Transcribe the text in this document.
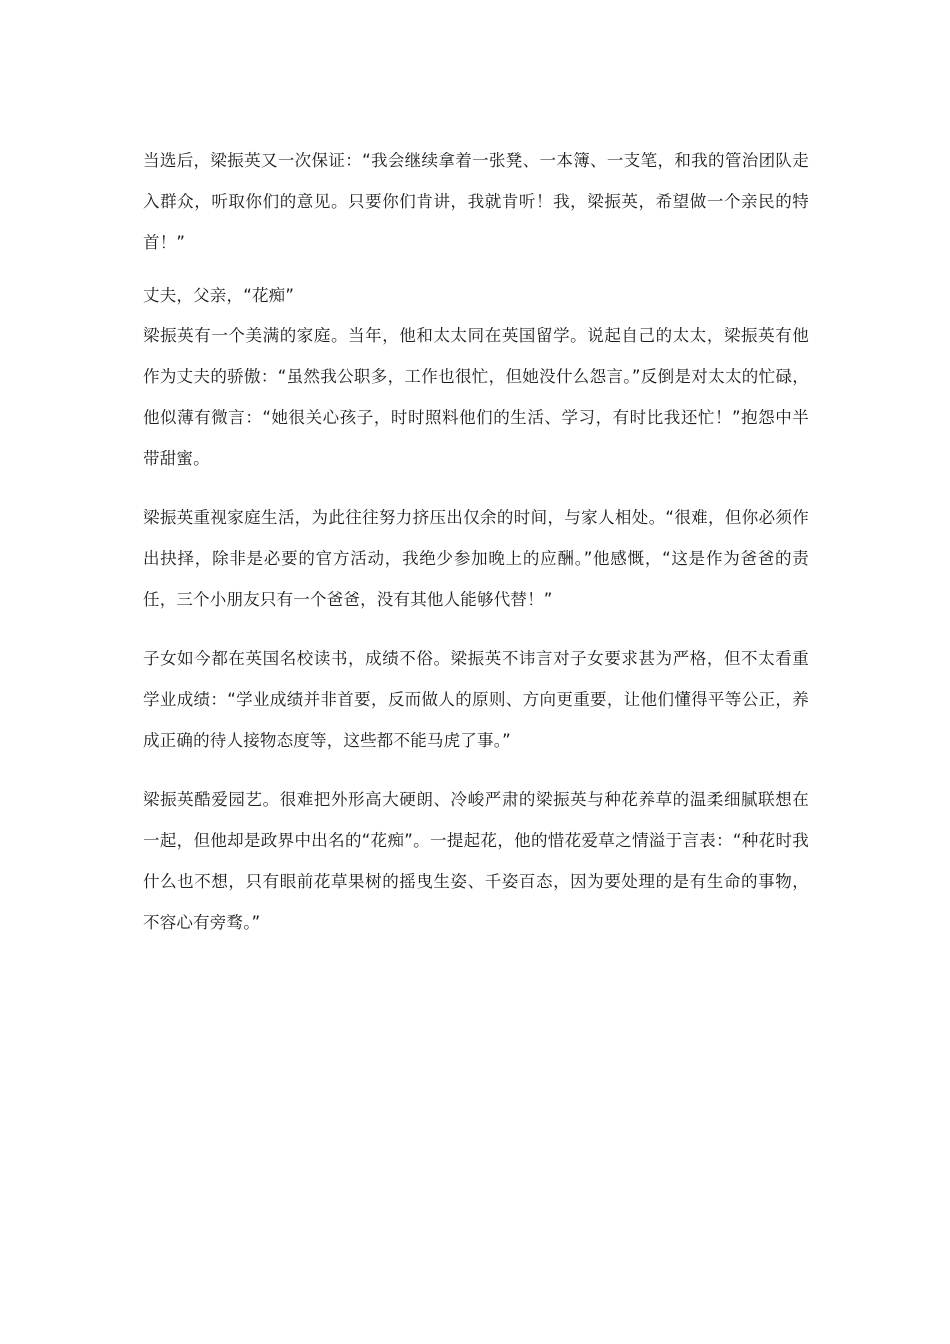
当选后，梁振英又一次保证：“我会继续拿着一张凳、一本簿、一支笔，和我的管治团队走入群众，听取你们的意见。只要你们肯讲，我就肯听！我，梁振英，希望做一个亲民的特首！”

丈夫，父亲，“花痴”

梁振英有一个美满的家庭。当年，他和太太同在英国留学。说起自己的太太，梁振英有他作为丈夫的骄傲：“虽然我公职多，工作也很忙，但她没什么怨言。”反倒是对太太的忙碌，他似薄有微言：“她很关心孩子，时时照料他们的生活、学习，有时比我还忙！”抱怨中半带甜蜜。

梁振英重视家庭生活，为此往往努力挤压出仅余的时间，与家人相处。“很难，但你必须作出抉择，除非是必要的官方活动，我绝少参加晚上的应酬。”他感慨，“这是作为爸爸的责任，三个小朋友只有一个爸爸，没有其他人能够代替！”

子女如今都在英国名校读书，成绩不俗。梁振英不讳言对子女要求甚为严格，但不太看重学业成绩：“学业成绩并非首要，反而做人的原则、方向更重要，让他们懂得平等公正，养成正确的待人接物态度等，这些都不能马虎了事。”

梁振英酷爱园艺。很难把外形高大硬朗、冷峻严肃的梁振英与种花养草的温柔细腻联想在一起，但他却是政界中出名的“花痴”。一提起花，他的惜花爱草之情溢于言表：“种花时我什么也不想，只有眼前花草果树的摇曳生姿、千姿百态，因为要处理的是有生命的事物，不容心有旁骛。”
